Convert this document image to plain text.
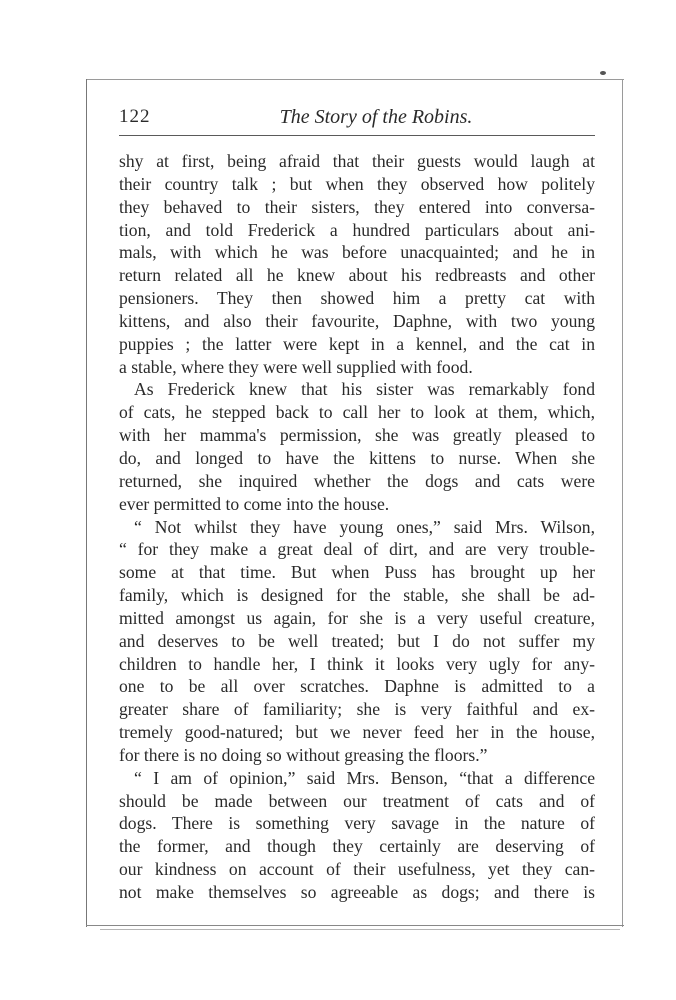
122	The Story of the Robins.
shy at first, being afraid that their guests would laugh at
their country talk ; but when they observed how politely
they behaved to their sisters, they entered into conversa-
tion, and told Frederick a hundred particulars about ani-
mals, with which he was before unacquainted; and he in
return related all he knew about his redbreasts and other
pensioners. They then showed him a pretty cat with
kittens, and also their favourite, Daphne, with two young
puppies ; the latter were kept in a kennel, and the cat in
a stable, where they were well supplied with food.
As Frederick knew that his sister was remarkably fond
of cats, he stepped back to call her to look at them, which,
with her mamma's permission, she was greatly pleased to
do, and longed to have the kittens to nurse. When she
returned, she inquired whether the dogs and cats were
ever permitted to come into the house.
“ Not whilst they have young ones,” said Mrs. Wilson,
“ for they make a great deal of dirt, and are very trouble-
some at that time. But when Puss has brought up her
family, which is designed for the stable, she shall be ad-
mitted amongst us again, for she is a very useful creature,
and deserves to be well treated; but I do not suffer my
children to handle her, I think it looks very ugly for any-
one to be all over scratches. Daphne is admitted to a
greater share of familiarity; she is very faithful and ex-
tremely good-natured; but we never feed her in the house,
for there is no doing so without greasing the floors.”
“ I am of opinion,” said Mrs. Benson, “that a difference
should be made between our treatment of cats and of
dogs. There is something very savage in the nature of
the former, and though they certainly are deserving of
our kindness on account of their usefulness, yet they can-
not make themselves so agreeable as dogs; and there is
